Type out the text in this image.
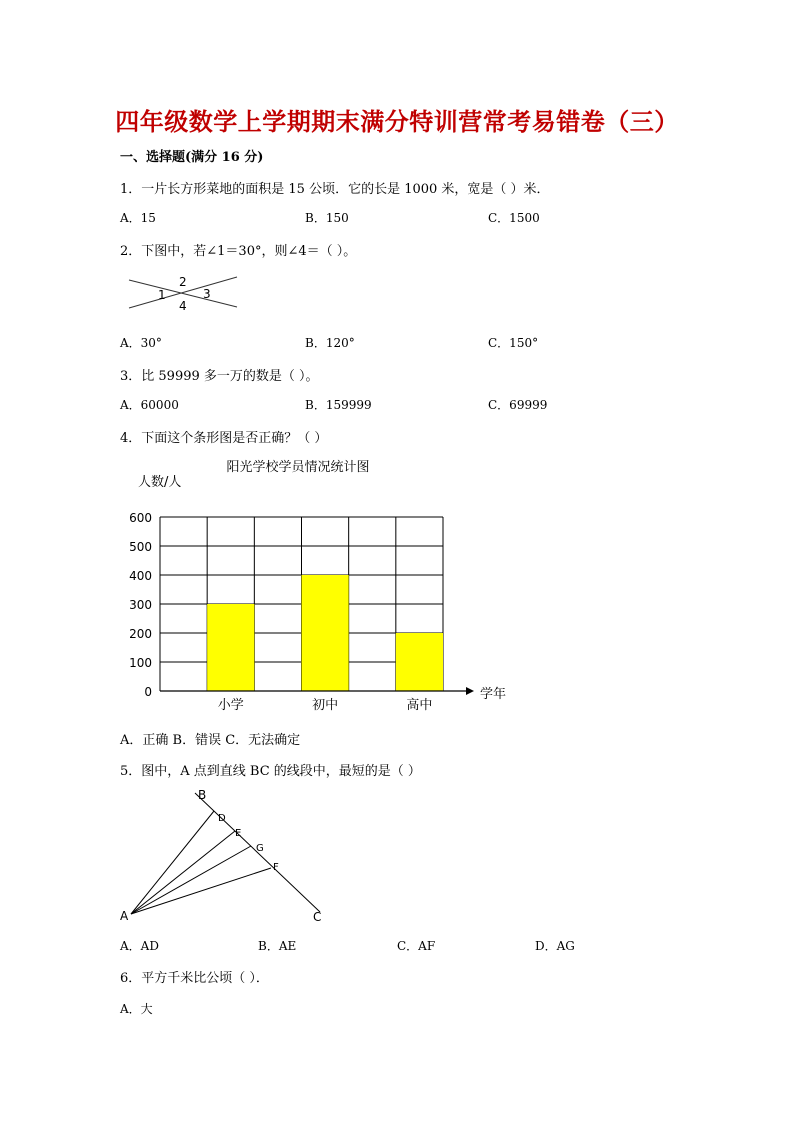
四年级数学上学期期末满分特训营常考易错卷（三）
一、选择题(满分 16 分)
1．一片长方形菜地的面积是 15 公顷．它的长是 1000 米，宽是（ ）米．
A．15	B．150	C．1500
2．下图中，若∠1＝30°，则∠4＝（ ）。
1
2
3
4
A．30°	B．120°	C．150°
3．比 59999 多一万的数是（ ）。
A．60000	B．159999	C．69999
4．下面这个条形图是否正确？（ ）
阳光学校学员情况统计图
人数/人
学年
小学	初中	高中
0
100
200
300
400
500
600
A．正确 B．错误 C．无法确定
5．图中，A 点到直线 BC 的线段中，最短的是（ ）
B
D
E
G
F
A	C
A．AD	B．AE	C．AF	D．AG
6．平方千米比公顷（ ）．
A．大
